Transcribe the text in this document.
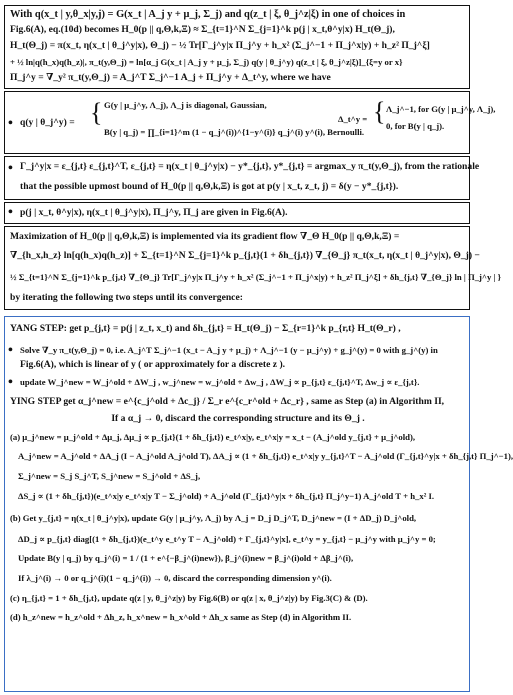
With q(x_t | y,θ_x|y,j) = G(x_t | A_j y + μ_j, Σ_j) and q(z_t | ξ, θ_j^z|ξ) in one of choices in
Fig.6(A), eq.(10d) becomes H_0(p || q,Θ,k,Ξ) ≈ Σ_{t=1}^N Σ_{j=1}^k p(j | x_t,θ^y|x) H_t(Θ_j),
H_t(Θ_j) = π(x_t, η(x_t | θ_j^y|x), Θ_j) − ½ Tr[Γ_j^y|x Π_j^y + h_x² (Σ_j^−1 + Π_j^x|y) + h_z² Π_j^ξ]
+ ½ ln|q(h_x)q(h_z)|, π_t(y,Θ_j) = ln[α_j G(x_t | A_j y + μ_j, Σ_j) q(y | θ_j^y) q(z_t | ξ, θ_j^z|ξ)]_{ξ=y or x}
Π_j^y = ∇_y² π_t(y,Θ_j) = A_j^T Σ_j^−1 A_j + Π_j^y + Δ_t^y, where we have
• q(y | θ_j^y) = { G(y | μ_j^y, Λ_j), Λ_j is diagonal, Gaussian,
B(y | q_j) = ∏_{i=1}^m (1 − q_j^(i))^{1−y^(i)} q_j^(i) y^(i), Bernoulli.
Δ_t^y = { Λ_j^−1, for G(y | μ_j^y, Λ_j),
0, for B(y | q_j).
• Γ_j^y|x = ε_{j,t} ε_{j,t}^T, ε_{j,t} = η(x_t | θ_j^y|x) − y*_{j,t}, y*_{j,t} = argmax_y π_t(y,Θ_j), from the rationale
that the possible upmost bound of H_0(p || q,Θ,k,Ξ) is got at p(y | x_t, z_t, j) = δ(y − y*_{j,t}).
• p(j | x_t, θ^y|x), η(x_t | θ_j^y|x), Π_j^y, Π_j are given in Fig.6(A).
Maximization of H_0(p || q,Θ,k,Ξ) is implemented via its gradient flow ∇_Θ H_0(p || q,Θ,k,Ξ) =
∇_{h_x,h_z} ln[q(h_x)q(h_z)] + Σ_{t=1}^N Σ_{j=1}^k p_{j,t}(1 + δh_{j,t}) ∇_{Θ_j} π_t(x_t, η(x_t | θ_j^y|x), Θ_j) −
½ Σ_{t=1}^N Σ_{j=1}^k p_{j,t} ∇_{Θ_j} Tr[Γ_j^y|x Π_j^y + h_x² (Σ_j^−1 + Π_j^x|y) + h_z² Π_j^ξ] + δh_{j,t} ∇_{Θ_j} ln | Π_j^y | }
by iterating the following two steps until its convergence:
YANG STEP: get p_{j,t} = p(j | z_t, x_t) and δh_{j,t} = H_t(Θ_j) − Σ_{r=1}^k p_{r,t} H_t(Θ_r) ,
• Solve ∇_y π_t(y,Θ_j) = 0, i.e. A_j^T Σ_j^−1 (x_t − A_j y + μ_j) + Λ_j^−1 (y − μ_j^y) + g_j^(y) = 0 with g_j^(y) in
Fig.6(A), which is linear of y ( or approximately for a discrete z ).
• update W_j^new = W_j^old + ΔW_j , w_j^new = w_j^old + Δw_j , ΔW_j ∝ p_{j,t} ε_{j,t}^T, Δw_j ∝ ε_{j,t}.
YING STEP get α_j^new = e^{c_j^old + Δc_j} / Σ_r e^{c_r^old + Δc_r} , same as Step (a) in Algorithm II,
If a α_j → 0, discard the corresponding structure and its Θ_j .
(a) μ_j^new = μ_j^old + Δμ_j, Δμ_j ∝ p_{j,t}(1 + δh_{j,t}) e_t^x|y, e_t^x|y = x_t − (A_j^old y_{j,t} + μ_j^old),
A_j^new = A_j^old + ΔA_j (I − A_j^old A_j^old T), ΔA_j ∝ (1 + δh_{j,t}) e_t^x|y y_{j,t}^T − A_j^old (Γ_{j,t}^y|x + δh_{j,t} Π_j^−1),
Σ_j^new = S_j S_j^T, S_j^new = S_j^old + ΔS_j,
ΔS_j ∝ (1 + δh_{j,t})(e_t^x|y e_t^x|y T − Σ_j^old) + A_j^old (Γ_{j,t}^y|x + δh_{j,t} Π_j^y−1) A_j^old T + h_x² I.
(b) Get y_{j,t} = η(x_t | θ_j^y|x), update G(y | μ_j^y, Λ_j) by Λ_j = D_j D_j^T, D_j^new = (I + ΔD_j) D_j^old,
ΔD_j ∝ p_{j,t} diag[(1 + δh_{j,t})(e_t^y e_t^y T − Λ_j^old) + Γ_{j,t}^y|x], e_t^y = y_{j,t} − μ_j^y with μ_j^y = 0;
Update B(y | q_j) by q_j^(i) = 1 / (1 + e^{−β_j^(i)new}), β_j^(i)new = β_j^(i)old + Δβ_j^(i),
If λ_j^(i) → 0 or q_j^(i)(1 − q_j^(i)) → 0, discard the corresponding dimension y^(i).
(c) η_{j,t} = 1 + δh_{j,t}, update q(z | y, θ_j^z|y) by Fig.6(B) or q(z | x, θ_j^z|y) by Fig.3(C) & (D).
(d) h_z^new = h_z^old + Δh_z, h_x^new = h_x^old + Δh_x same as Step (d) in Algorithm II.
